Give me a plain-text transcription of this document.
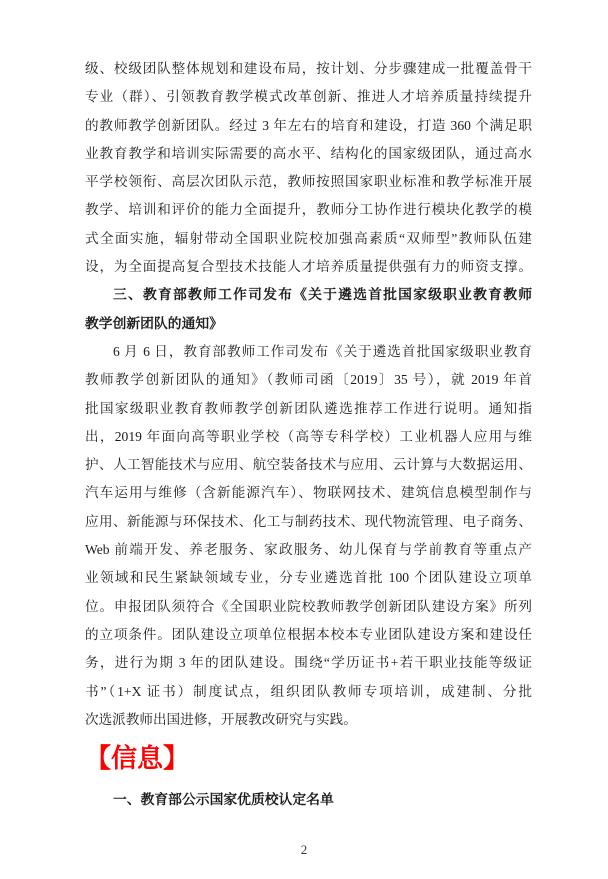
级、校级团队整体规划和建设布局，按计划、分步骤建成一批覆盖骨干
专业（群）、引领教育教学模式改革创新、推进人才培养质量持续提升
的教师教学创新团队。经过 3 年左右的培育和建设，打造 360 个满足职
业教育教学和培训实际需要的高水平、结构化的国家级团队，通过高水
平学校领衔、高层次团队示范，教师按照国家职业标准和教学标准开展
教学、培训和评价的能力全面提升，教师分工协作进行模块化教学的模
式全面实施，辐射带动全国职业院校加强高素质“双师型”教师队伍建
设，为全面提高复合型技术技能人才培养质量提供强有力的师资支撑。
三、教育部教师工作司发布《关于遴选首批国家级职业教育教师
教学创新团队的通知》
6 月 6 日，教育部教师工作司发布《关于遴选首批国家级职业教育
教师教学创新团队的通知》（教师司函〔2019〕35 号），就 2019 年首
批国家级职业教育教师教学创新团队遴选推荐工作进行说明。通知指
出，2019 年面向高等职业学校（高等专科学校）工业机器人应用与维
护、人工智能技术与应用、航空装备技术与应用、云计算与大数据运用、
汽车运用与维修（含新能源汽车）、物联网技术、建筑信息模型制作与
应用、新能源与环保技术、化工与制药技术、现代物流管理、电子商务、
Web 前端开发、养老服务、家政服务、幼儿保育与学前教育等重点产
业领域和民生紧缺领域专业，分专业遴选首批 100 个团队建设立项单
位。申报团队须符合《全国职业院校教师教学创新团队建设方案》所列
的立项条件。团队建设立项单位根据本校本专业团队建设方案和建设任
务，进行为期 3 年的团队建设。围绕“学历证书+若干职业技能等级证
书”（1+X 证书）制度试点，组织团队教师专项培训，成建制、分批
次选派教师出国进修，开展教改研究与实践。
【信息】
一、教育部公示国家优质校认定名单
2
